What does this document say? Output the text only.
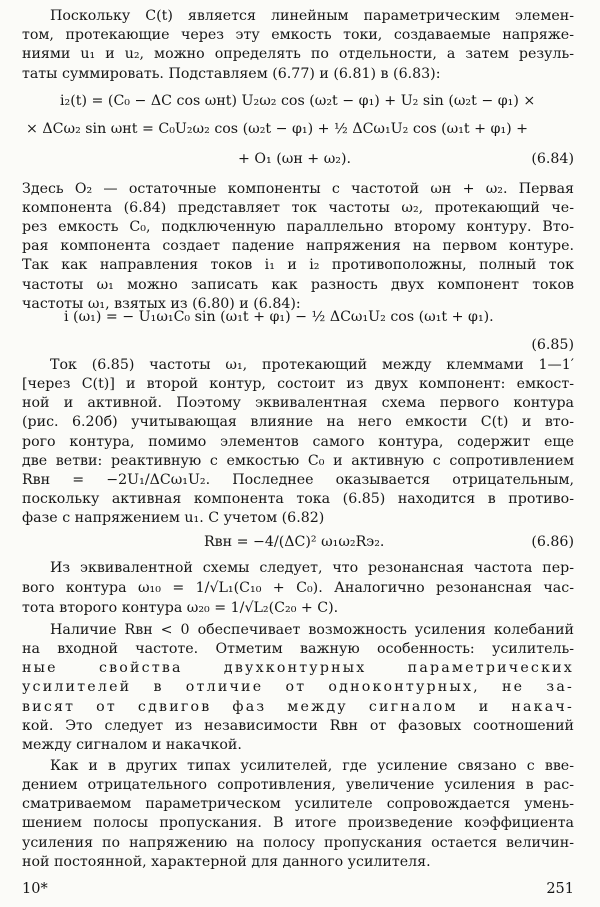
Поскольку C(t) является линейным параметрическим элемен-

том, протекающие через эту емкость токи, создаваемые напряже-

ниями u₁ и u₂, можно определять по отдельности, а затем резуль-

таты суммировать. Подставляем (6.77) и (6.81) в (6.83):

i₂(t) = (C₀ − ΔC cos ωнt) U₂ω₂ cos (ω₂t − φ₁) + U₂ sin (ω₂t − φ₁) ×

× ΔCω₂ sin ωнt = C₀U₂ω₂ cos (ω₂t − φ₁) + ½ ΔCω₁U₂ cos (ω₁t + φ₁) +

+ O₁ (ωн + ω₂).	(6.84)

Здесь O₂ — остаточные компоненты с частотой ωн + ω₂. Первая

компонента (6.84) представляет ток частоты ω₂, протекающий че-

рез емкость C₀, подключенную параллельно второму контуру. Вто-

рая компонента создает падение напряжения на первом контуре.

Так как направления токов i₁ и i₂ противоположны, полный ток

частоты ω₁ можно записать как разность двух компонент токов

частоты ω₁, взятых из (6.80) и (6.84):

i (ω₁) = − U₁ω₁C₀ sin (ω₁t + φ₁) − ½ ΔCω₁U₂ cos (ω₁t + φ₁).

(6.85)

Ток (6.85) частоты ω₁, протекающий между клеммами 1—1′

[через C(t)] и второй контур, состоит из двух компонент: емкост-

ной и активной. Поэтому эквивалентная схема первого контура

(рис. 6.20б) учитывающая влияние на него емкости C(t) и вто-

рого контура, помимо элементов самого контура, содержит еще

две ветви: реактивную с емкостью C₀ и активную с сопротивлением

Rвн = −2U₁/ΔCω₁U₂. Последнее оказывается отрицательным,

поскольку активная компонента тока (6.85) находится в противо-

фазе с напряжением u₁. С учетом (6.82)

Rвн = −4/(ΔC)² ω₁ω₂Rэ₂.	(6.86)

Из эквивалентной схемы следует, что резонансная частота пер-

вого контура ω₁₀ = 1/√L₁(C₁₀ + C₀). Аналогично резонансная час-

тота второго контура ω₂₀ = 1/√L₂(C₂₀ + C).

Наличие Rвн < 0 обеспечивает возможность усиления колебаний

на входной частоте. Отметим важную особенность: усилитель-

ные свойства двухконтурных параметрических

усилителей в отличие от одноконтурных, не за-

висят от сдвигов фаз между сигналом и накач-

кой. Это следует из независимости Rвн от фазовых соотношений

между сигналом и накачкой.

10*	251

Как и в других типах усилителей, где усиление связано с вве-

дением отрицательного сопротивления, увеличение усиления в рас-

сматриваемом параметрическом усилителе сопровождается умень-

шением полосы пропускания. В итоге произведение коэффициента

усиления по напряжению на полосу пропускания остается величин-

ной постоянной, характерной для данного усилителя.
